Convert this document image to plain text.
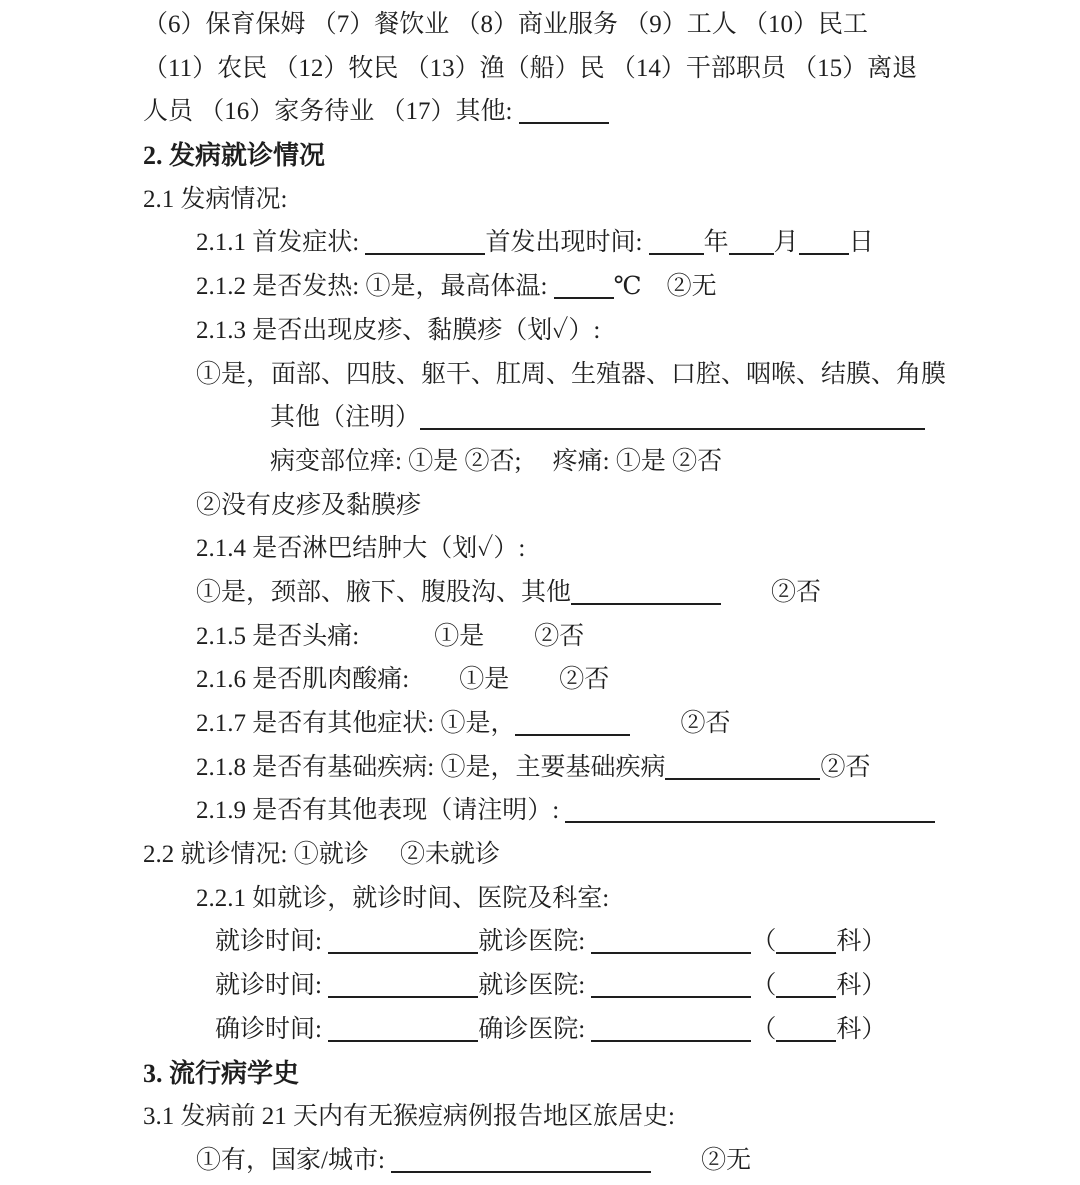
（6）保育保姆 （7）餐饮业 （8）商业服务 （9）工人 （10）民工
（11）农民 （12）牧民 （13）渔（船）民 （14）干部职员 （15）离退
人员 （16）家务待业 （17）其他:
2. 发病就诊情况
2.1 发病情况:
2.1.1 首发症状:	首发出现时间: 年 月 日
2.1.2 是否发热: ①是，最高体温: ℃　②无
2.1.3 是否出现皮疹、黏膜疹（划✓）:
①是，面部、四肢、躯干、肛周、生殖器、口腔、咽喉、结膜、角膜
其他（注明）
病变部位痒: ①是 ②否;　 疼痛: ①是 ②否
②没有皮疹及黏膜疹
2.1.4 是否淋巴结肿大（划✓）:
①是，颈部、腋下、腹股沟、其他	　　②否
2.1.5 是否头痛:　　　①是　　②否
2.1.6 是否肌肉酸痛:　　①是　　②否
2.1.7 是否有其他症状: ①是，	　　②否
2.1.8 是否有基础疾病: ①是，主要基础疾病	②否
2.1.9 是否有其他表现（请注明）:
2.2 就诊情况: ①就诊　 ②未就诊
2.2.1 如就诊，就诊时间、医院及科室:
就诊时间:	就诊医院:	（ 科）
就诊时间:	就诊医院:	（ 科）
确诊时间:	确诊医院:	（ 科）
3. 流行病学史
3.1 发病前 21 天内有无猴痘病例报告地区旅居史:
①有，国家/城市:	　　②无
